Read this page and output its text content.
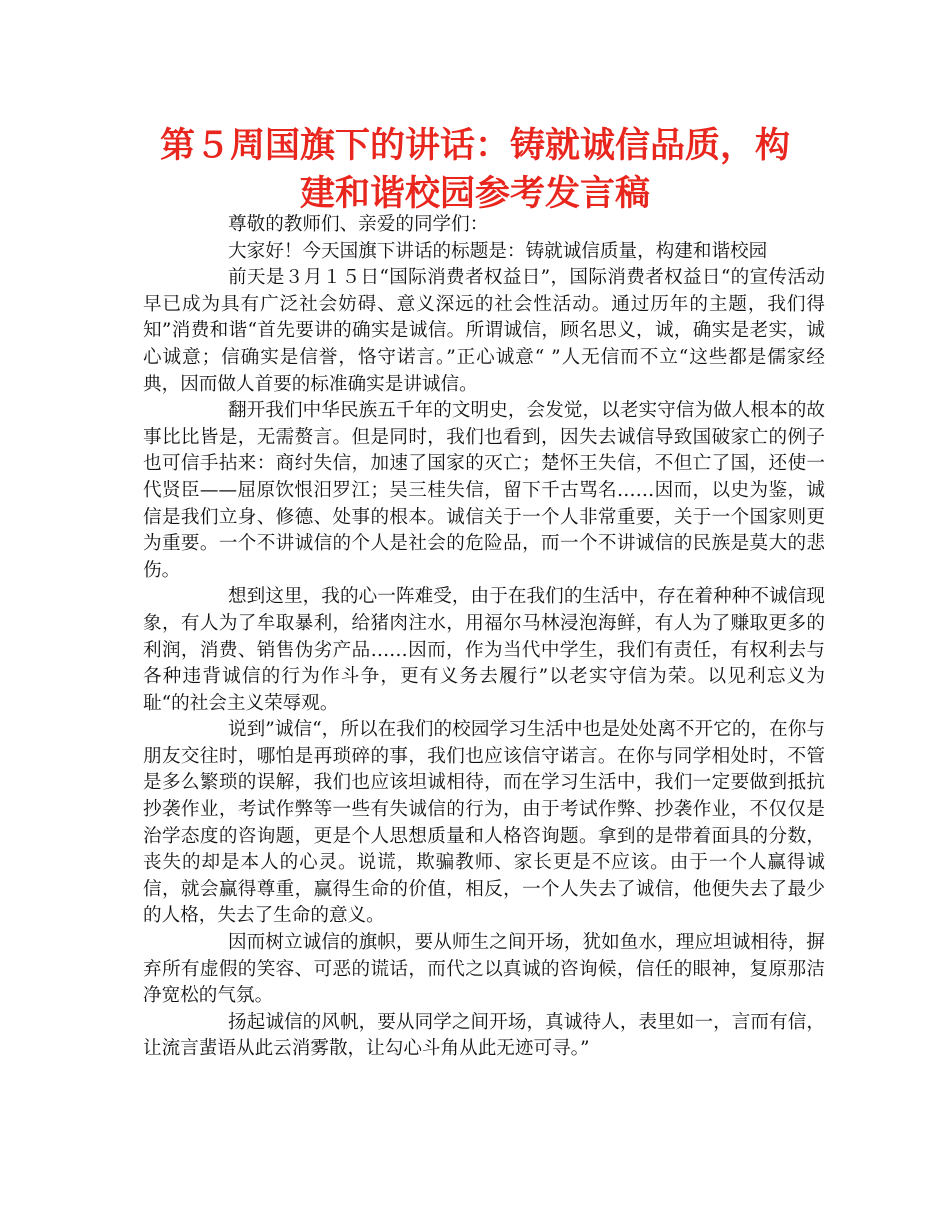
第５周国旗下的讲话：铸就诚信品质，构
建和谐校园参考发言稿

尊敬的教师们、亲爱的同学们：

大家好！今天国旗下讲话的标题是：铸就诚信质量，构建和谐校园

前天是３月１５日“国际消费者权益日”，国际消费者权益日“的宣传活动早已成为具有广泛社会妨碍、意义深远的社会性活动。通过历年的主题，我们得知”消费和谐“首先要讲的确实是诚信。所谓诚信，顾名思义，诚，确实是老实，诚心诚意；信确实是信誉，恪守诺言。”正心诚意“ ”人无信而不立“这些都是儒家经典，因而做人首要的标准确实是讲诚信。

翻开我们中华民族五千年的文明史，会发觉，以老实守信为做人根本的故事比比皆是，无需赘言。但是同时，我们也看到，因失去诚信导致国破家亡的例子也可信手拈来：商纣失信，加速了国家的灭亡；楚怀王失信，不但亡了国，还使一代贤臣——屈原饮恨汨罗江；吴三桂失信，留下千古骂名……因而，以史为鉴，诚信是我们立身、修德、处事的根本。诚信关于一个人非常重要，关于一个国家则更为重要。一个不讲诚信的个人是社会的危险品，而一个不讲诚信的民族是莫大的悲伤。

想到这里，我的心一阵难受，由于在我们的生活中，存在着种种不诚信现象，有人为了牟取暴利，给猪肉注水，用福尔马林浸泡海鲜，有人为了赚取更多的利润，消费、销售伪劣产品……因而，作为当代中学生，我们有责任，有权利去与各种违背诚信的行为作斗争，更有义务去履行”以老实守信为荣。以见利忘义为耻“的社会主义荣辱观。

说到”诚信“，所以在我们的校园学习生活中也是处处离不开它的，在你与朋友交往时，哪怕是再琐碎的事，我们也应该信守诺言。在你与同学相处时，不管是多么繁琐的误解，我们也应该坦诚相待，而在学习生活中，我们一定要做到抵抗抄袭作业，考试作弊等一些有失诚信的行为，由于考试作弊、抄袭作业，不仅仅是治学态度的咨询题，更是个人思想质量和人格咨询题。拿到的是带着面具的分数，丧失的却是本人的心灵。说谎，欺骗教师、家长更是不应该。由于一个人赢得诚信，就会赢得尊重，赢得生命的价值，相反，一个人失去了诚信，他便失去了最少的人格，失去了生命的意义。

因而树立诚信的旗帜，要从师生之间开场，犹如鱼水，理应坦诚相待，摒弃所有虚假的笑容、可恶的谎话，而代之以真诚的咨询候，信任的眼神，复原那洁净宽松的气氛。

扬起诚信的风帆，要从同学之间开场，真诚待人，表里如一，言而有信，让流言蜚语从此云消雾散，让勾心斗角从此无迹可寻。”
